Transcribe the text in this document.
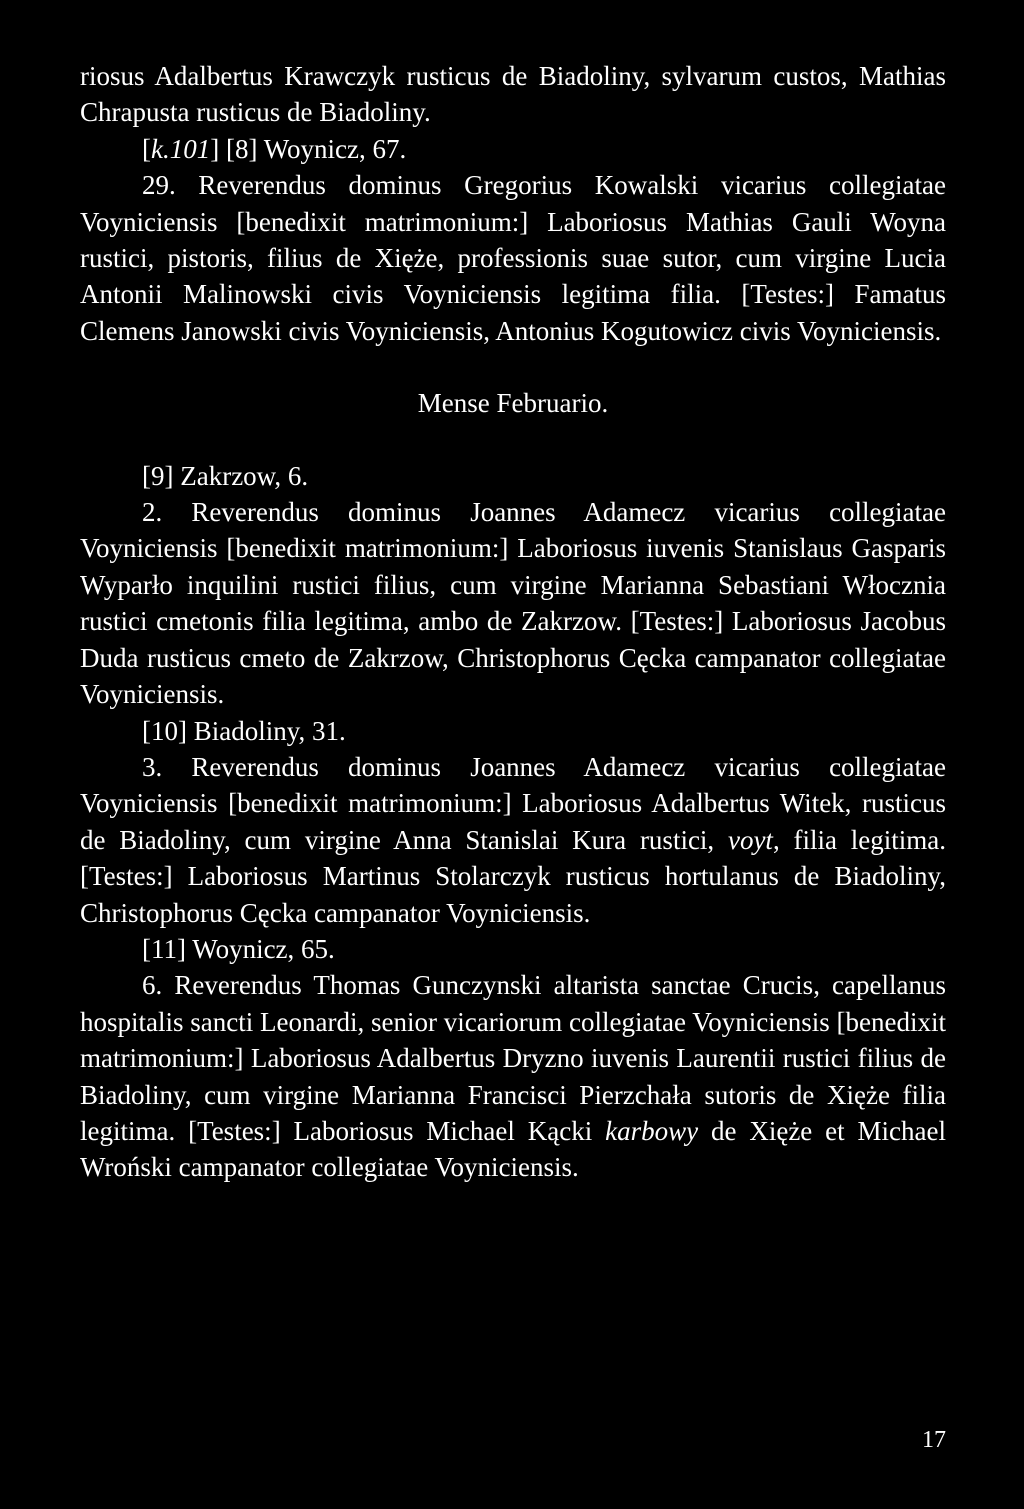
riosus Adalbertus Krawczyk rusticus de Biadoliny, sylvarum custos, Mathias Chrapusta rusticus de Biadoliny.

[k.101] [8] Woynicz, 67.

29. Reverendus dominus Gregorius Kowalski vicarius collegiatae Voyniciensis [benedixit matrimonium:] Laboriosus Mathias Gauli Woyna rustici, pistoris, filius de Xięże, professionis suae sutor, cum virgine Lucia Antonii Malinowski civis Voyniciensis legitima filia. [Testes:] Famatus Clemens Janowski civis Voyniciensis, Antonius Kogutowicz civis Voyniciensis.

Mense Februario.

[9] Zakrzow, 6.

2. Reverendus dominus Joannes Adamecz vicarius collegiatae Voyniciensis [benedixit matrimonium:] Laboriosus iuvenis Stanislaus Gasparis Wyparło inquilini rustici filius, cum virgine Marianna Sebastiani Włocznia rustici cmetonis filia legitima, ambo de Zakrzow. [Testes:] Laboriosus Jacobus Duda rusticus cmeto de Zakrzow, Christophorus Cęcka campanator collegiatae Voyniciensis.

[10] Biadoliny, 31.

3. Reverendus dominus Joannes Adamecz vicarius collegiatae Voyniciensis [benedixit matrimonium:] Laboriosus Adalbertus Witek, rusticus de Biadoliny, cum virgine Anna Stanislai Kura rustici, voyt, filia legitima. [Testes:] Laboriosus Martinus Stolarczyk rusticus hortulanus de Biadoliny, Christophorus Cęcka campanator Voyniciensis.

[11] Woynicz, 65.

6. Reverendus Thomas Gunczynski altarista sanctae Crucis, capellanus hospitalis sancti Leonardi, senior vicariorum collegiatae Voyniciensis [benedixit matrimonium:] Laboriosus Adalbertus Dryzno iuvenis Laurentii rustici filius de Biadoliny, cum virgine Marianna Francisci Pierzchała sutoris de Xięże filia legitima. [Testes:] Laboriosus Michael Kącki karbowy de Xięże et Michael Wroński campanator collegiatae Voyniciensis.

17
